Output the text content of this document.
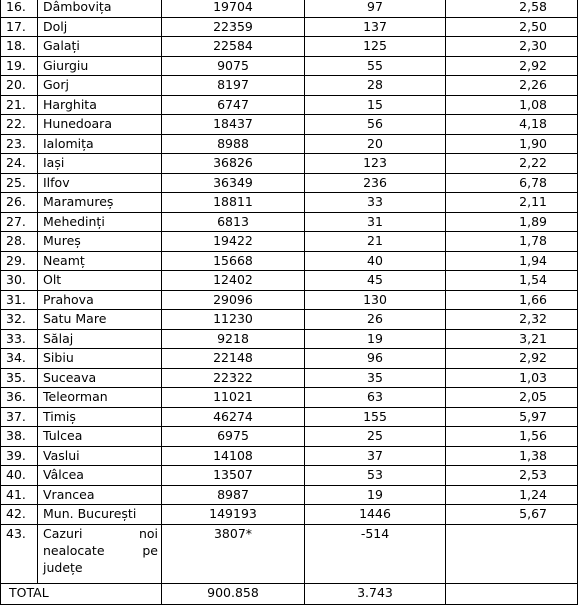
16.	Dâmbovița	19704	97	2,58
17.	Dolj	22359	137	2,50
18.	Galați	22584	125	2,30
19.	Giurgiu	9075	55	2,92
20.	Gorj	8197	28	2,26
21.	Harghita	6747	15	1,08
22.	Hunedoara	18437	56	4,18
23.	Ialomița	8988	20	1,90
24.	Iași	36826	123	2,22
25.	Ilfov	36349	236	6,78
26.	Maramureș	18811	33	2,11
27.	Mehedinți	6813	31	1,89
28.	Mureș	19422	21	1,78
29.	Neamț	15668	40	1,94
30.	Olt	12402	45	1,54
31.	Prahova	29096	130	1,66
32.	Satu Mare	11230	26	2,32
33.	Sălaj	9218	19	3,21
34.	Sibiu	22148	96	2,92
35.	Suceava	22322	35	1,03
36.	Teleorman	11021	63	2,05
37.	Timiș	46274	155	5,97
38.	Tulcea	6975	25	1,56
39.	Vaslui	14108	37	1,38
40.	Vâlcea	13507	53	2,53
41.	Vrancea	8987	19	1,24
42.	Mun. București	149193	1446	5,67
43.	Cazuri noi nealocate pe județe	3807*	-514	
TOTAL		900.858	3.743	
